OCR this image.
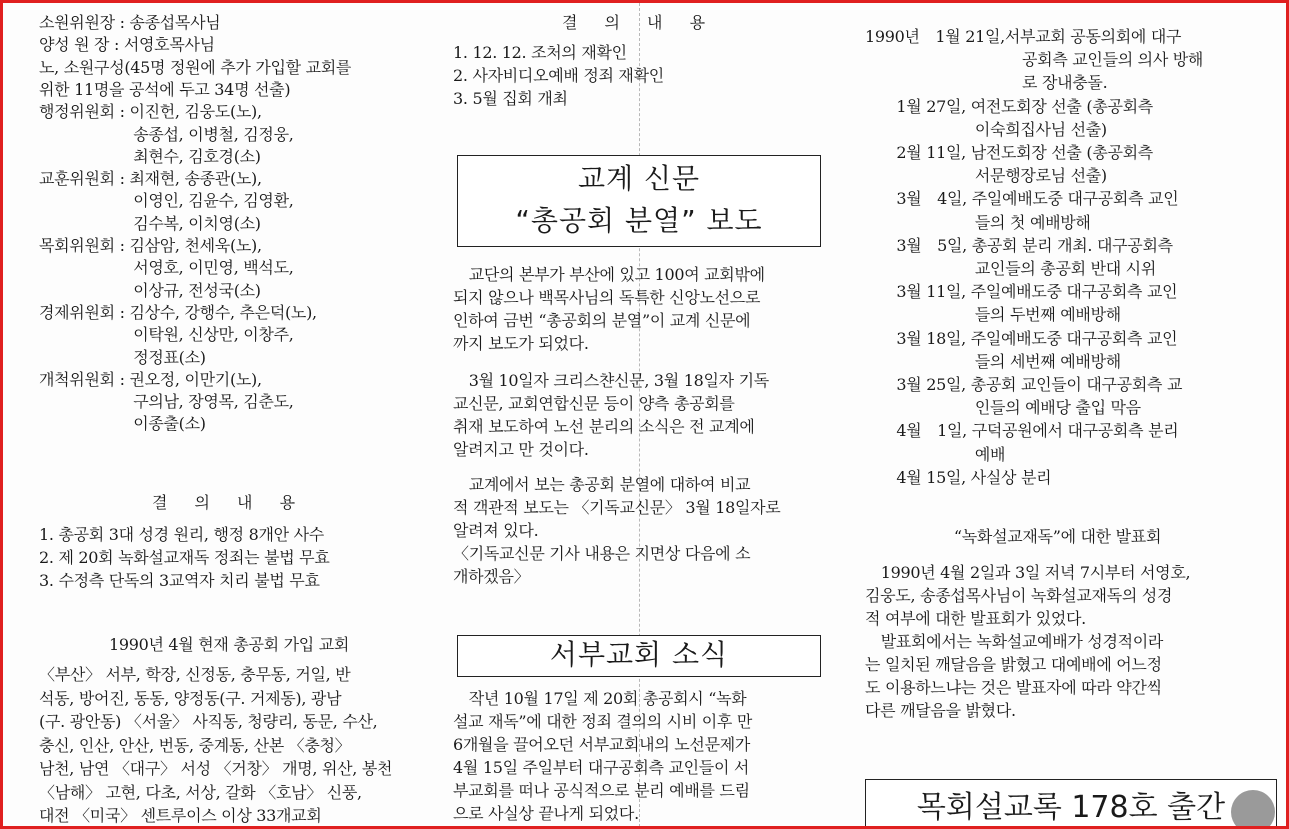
소원위원장 : 송종섭목사님
양성 원 장 : 서영호목사님
노, 소원구성(45명 정원에 추가 가입할 교회를
위한 11명을 공석에 두고 34명 선출)
행정위원회 : 이진헌, 김웅도(노),
　　　　　　송종섭, 이병철, 김정웅,
　　　　　　최현수, 김호경(소)
교훈위원회 : 최재현, 송종관(노),
　　　　　　이영인, 김윤수, 김영환,
　　　　　　김수복, 이치영(소)
목회위원회 : 김삼암, 천세욱(노),
　　　　　　서영호, 이민영, 백석도,
　　　　　　이상규, 전성국(소)
경제위원회 : 김상수, 강행수, 추은덕(노),
　　　　　　이탁원, 신상만, 이창주,
　　　　　　정정표(소)
개척위원회 : 권오정, 이만기(노),
　　　　　　구의남, 장영목, 김춘도,
　　　　　　이종출(소)
결 의 내 용
1. 총공회 3대 성경 원리, 행정 8개안 사수
2. 제 20회 녹화설교재독 정죄는 불법 무효
3. 수정측 단독의 3교역자 치리 불법 무효
1990년 4월 현재 총공회 가입 교회
〈부산〉 서부, 학장, 신정동, 충무동, 거일, 반
석동, 방어진, 동동, 양정동(구. 거제동), 광남
(구. 광안동) 〈서울〉 사직동, 청량리, 동문, 수산,
충신, 인산, 안산, 번동, 중계동, 산본 〈충청〉
남천, 남연 〈대구〉 서성 〈거창〉 개명, 위산, 봉천
〈남해〉 고현, 다초, 서상, 갈화 〈호남〉 신풍,
대전 〈미국〉 센트루이스 이상 33개교회
결 의 내 용
1. 12. 12. 조처의 재확인
2. 사자비디오예배 정죄 재확인
3. 5월 집회 개최
교계 신문
“총공회 분열” 보도
　교단의 본부가 부산에 있고 100여 교회밖에
되지 않으나 백목사님의 독특한 신앙노선으로
인하여 금번 “총공회의 분열”이 교계 신문에
까지 보도가 되었다.
　3월 10일자 크리스챤신문, 3월 18일자 기독
교신문, 교회연합신문 등이 양측 총공회를
취재 보도하여 노선 분리의 소식은 전 교계에
알려지고 만 것이다.
　교계에서 보는 총공회 분열에 대하여 비교
적 객관적 보도는 〈기독교신문〉 3월 18일자로
알려져 있다.
〈기독교신문 기사 내용은 지면상 다음에 소
개하겠음〉
서부교회 소식
　작년 10월 17일 제 20회 총공회시 “녹화
설교 재독”에 대한 정죄 결의의 시비 이후 만
6개월을 끌어오던 서부교회내의 노선문제가
4월 15일 주일부터 대구공회측 교인들이 서
부교회를 떠나 공식적으로 분리 예배를 드림
으로 사실상 끝나게 되었다.
1990년　1월 21일,서부교회 공동의회에 대구
　　　　　　　　　　공회측 교인들의 의사 방해
　　　　　　　　　　로 장내충돌.
　　1월 27일, 여전도회장 선출 (총공회측
　　　　　　　이숙희집사님 선출)
　　2월 11일, 남전도회장 선출 (총공회측
　　　　　　　서문행장로님 선출)
　　3월　4일, 주일예배도중 대구공회측 교인
　　　　　　　들의 첫 예배방해
　　3월　5일, 총공회 분리 개최. 대구공회측
　　　　　　　교인들의 총공회 반대 시위
　　3월 11일, 주일예배도중 대구공회측 교인
　　　　　　　들의 두번째 예배방해
　　3월 18일, 주일예배도중 대구공회측 교인
　　　　　　　들의 세번째 예배방해
　　3월 25일, 총공회 교인들이 대구공회측 교
　　　　　　　인들의 예배당 출입 막음
　　4월　1일, 구덕공원에서 대구공회측 분리
　　　　　　　예배
　　4월 15일, 사실상 분리
“녹화설교재독”에 대한 발표회
　1990년 4월 2일과 3일 저녁 7시부터 서영호,
김웅도, 송종섭목사님이 녹화설교재독의 성경
적 여부에 대한 발표회가 있었다.
　발표회에서는 녹화설교예배가 성경적이라
는 일치된 깨달음을 밝혔고 대예배에 어느정
도 이용하느냐는 것은 발표자에 따라 약간씩
다른 깨달음을 밝혔다.
목회설교록 178호 출간
